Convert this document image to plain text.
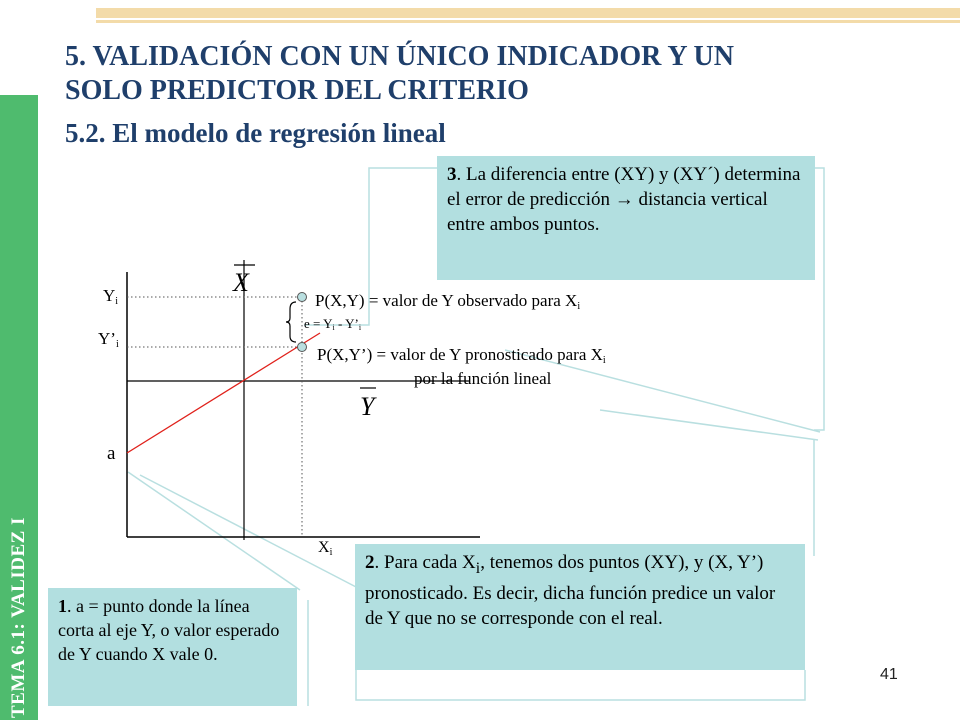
TEMA 6.1: VALIDEZ I
5. VALIDACIÓN CON UN ÚNICO INDICADOR Y UN
SOLO PREDICTOR DEL CRITERIO
5.2. El modelo de regresión lineal
Yi
Y’i
a
Xi
X
Y
P(X,Y) = valor de Y observado para Xi
e = Yi - Y’i
P(X,Y’) = valor de Y pronosticado para Xi
por la función lineal
3. La diferencia entre (XY) y (XY´) determina el error de predicción → distancia vertical entre ambos puntos.
2. Para cada $X_i$, tenemos dos puntos (XY), y (X, Y’) pronosticado. Es decir, dicha función predice un valor de Y que no se corresponde con el real.
1. a = punto donde la línea corta al eje Y, o valor esperado de Y cuando X vale 0.
41
